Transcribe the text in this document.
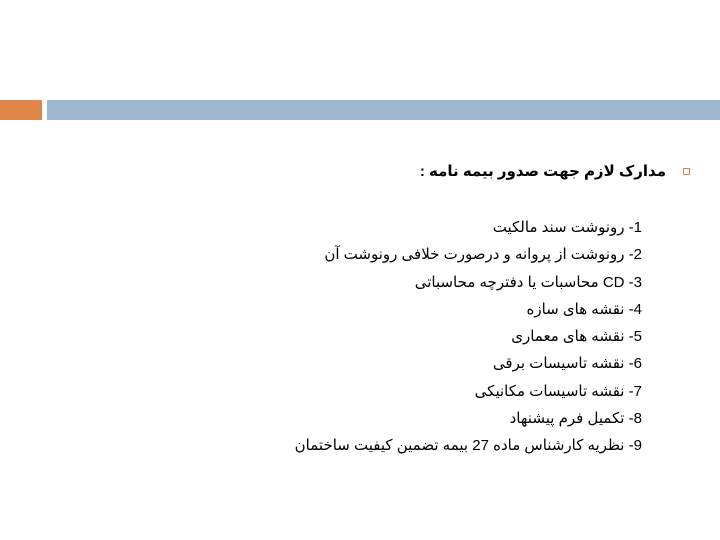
مدارک لازم جهت صدور بیمه نامه :
1- رونوشت سند مالکیت
2- رونوشت از پروانه و درصورت خلافی رونوشت آن
3- CD محاسبات یا دفترچه محاسباتی
4- نقشه های سازه
5- نقشه های معماری
6- نقشه تاسیسات برقی
7- نقشه تاسیسات مکانیکی
8- تکمیل فرم پیشنهاد
9- نظریه کارشناس ماده 27 بیمه تضمین کیفیت ساختمان
